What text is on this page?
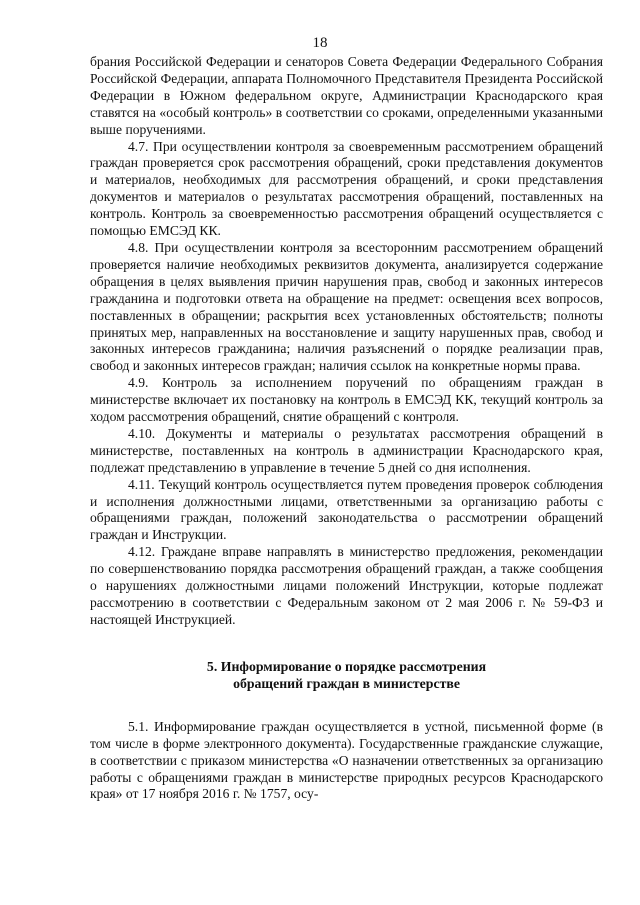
18

брания Российской Федерации и сенаторов Совета Федерации Федерального Собрания Российской Федерации, аппарата Полномочного Представителя Президента Российской Федерации в Южном федеральном округе, Администрации Краснодарского края ставятся на «особый контроль» в соответствии со сроками, определенными указанными выше поручениями.

4.7. При осуществлении контроля за своевременным рассмотрением обращений граждан проверяется срок рассмотрения обращений, сроки представления документов и материалов, необходимых для рассмотрения обращений, и сроки представления документов и материалов о результатах рассмотрения обращений, поставленных на контроль. Контроль за своевременностью рассмотрения обращений осуществляется с помощью ЕМСЭД КК.

4.8. При осуществлении контроля за всесторонним рассмотрением обращений проверяется наличие необходимых реквизитов документа, анализируется содержание обращения в целях выявления причин нарушения прав, свобод и законных интересов гражданина и подготовки ответа на обращение на предмет: освещения всех вопросов, поставленных в обращении; раскрытия всех установленных обстоятельств; полноты принятых мер, направленных на восстановление и защиту нарушенных прав, свобод и законных интересов гражданина; наличия разъяснений о порядке реализации прав, свобод и законных интересов граждан; наличия ссылок на конкретные нормы права.

4.9. Контроль за исполнением поручений по обращениям граждан в министерстве включает их постановку на контроль в ЕМСЭД КК, текущий контроль за ходом рассмотрения обращений, снятие обращений с контроля.

4.10. Документы и материалы о результатах рассмотрения обращений в министерстве, поставленных на контроль в администрации Краснодарского края, подлежат представлению в управление в течение 5 дней со дня исполнения.

4.11. Текущий контроль осуществляется путем проведения проверок соблюдения и исполнения должностными лицами, ответственными за организацию работы с обращениями граждан, положений законодательства о рассмотрении обращений граждан и Инструкции.

4.12. Граждане вправе направлять в министерство предложения, рекомендации по совершенствованию порядка рассмотрения обращений граждан, а также сообщения о нарушениях должностными лицами положений Инструкции, которые подлежат рассмотрению в соответствии с Федеральным законом от 2 мая 2006 г. № 59-ФЗ и настоящей Инструкцией.

5. Информирование о порядке рассмотрения
обращений граждан в министерстве

5.1. Информирование граждан осуществляется в устной, письменной форме (в том числе в форме электронного документа). Государственные гражданские служащие, в соответствии с приказом министерства «О назначении ответственных за организацию работы с обращениями граждан в министерстве природных ресурсов Краснодарского края» от 17 ноября 2016 г. № 1757, осу-
